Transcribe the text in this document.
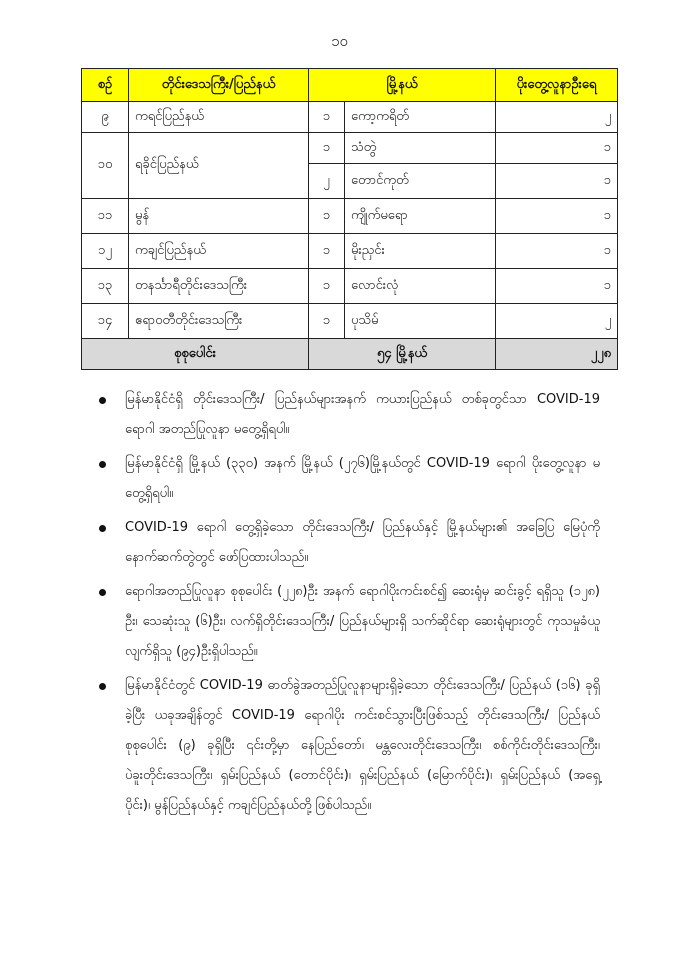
၁၀
စဉ်	တိုင်းဒေသကြီး/ပြည်နယ်	မြို့နယ်		ပိုးတွေ့လူနာဦးရေ
၉	ကရင်ပြည်နယ်	၁	ကော့ကရိတ်	၂
၁၀	ရခိုင်ပြည်နယ်	၁	သံတွဲ	၁
		၂	တောင်ကုတ်	၁
၁၁	မွန်	၁	ကျိုက်မရော	၁
၁၂	ကချင်ပြည်နယ်	၁	မိုးညှင်း	၁
၁၃	တနင်္သာရီတိုင်းဒေသကြီး	၁	လောင်းလုံ	၁
၁၄	ဧရာဝတီတိုင်းဒေသကြီး	၁	ပုသိမ်	၂
စုစုပေါင်း		၅၄ မြို့နယ်		၂၂၈
မြန်မာနိုင်ငံရှိ တိုင်းဒေသကြီး/ ပြည်နယ်များအနက် ကယားပြည်နယ် တစ်ခုတွင်သာ COVID-19 ရောဂါ အတည်ပြုလူနာ မတွေ့ရှိရပါ။
မြန်မာနိုင်ငံရှိ မြို့နယ် (၃၃၀) အနက် မြို့နယ် (၂၇၆)မြို့နယ်တွင် COVID-19 ရောဂါ ပိုးတွေ့လူနာ မတွေ့ရှိရပါ။
COVID-19 ရောဂါ တွေ့ရှိခဲ့သော တိုင်းဒေသကြီး/ ပြည်နယ်နှင့် မြို့နယ်များ၏ အခြေပြ မြေပုံကို နောက်ဆက်တွဲတွင် ဖော်ပြထားပါသည်။
ရောဂါအတည်ပြုလူနာ စုစုပေါင်း (၂၂၈)ဦး အနက် ရောဂါပိုးကင်းစင်၍ ဆေးရုံမှ ဆင်းခွင့် ရရှိသူ (၁၂၈) ဦး၊ သေဆုံးသူ (၆)ဦး၊ လက်ရှိတိုင်းဒေသကြီး/ ပြည်နယ်များရှိ သက်ဆိုင်ရာ ဆေးရုံများတွင် ကုသမှုခံယူလျက်ရှိသူ (၉၄)ဦးရှိပါသည်။
မြန်မာနိုင်ငံတွင် COVID-19 ဓာတ်ခွဲအတည်ပြုလူနာများရှိခဲ့သော တိုင်းဒေသကြီး/ ပြည်နယ် (၁၆) ခုရှိခဲ့ပြီး ယခုအချိန်တွင် COVID-19 ရောဂါပိုး ကင်းစင်သွားပြီးဖြစ်သည့် တိုင်းဒေသကြီး/ ပြည်နယ် စုစုပေါင်း (၉) ခုရှိပြီး ၎င်းတို့မှာ နေပြည်တော်၊ မန္တလေးတိုင်းဒေသကြီး၊ စစ်ကိုင်းတိုင်းဒေသကြီး၊ ပဲခူးတိုင်းဒေသကြီး၊ ရှမ်းပြည်နယ် (တောင်ပိုင်း)၊ ရှမ်းပြည်နယ် (မြောက်ပိုင်း)၊ ရှမ်းပြည်နယ် (အရှေ့ပိုင်း)၊ မွန်ပြည်နယ်နှင့် ကချင်ပြည်နယ်တို့ ဖြစ်ပါသည်။
